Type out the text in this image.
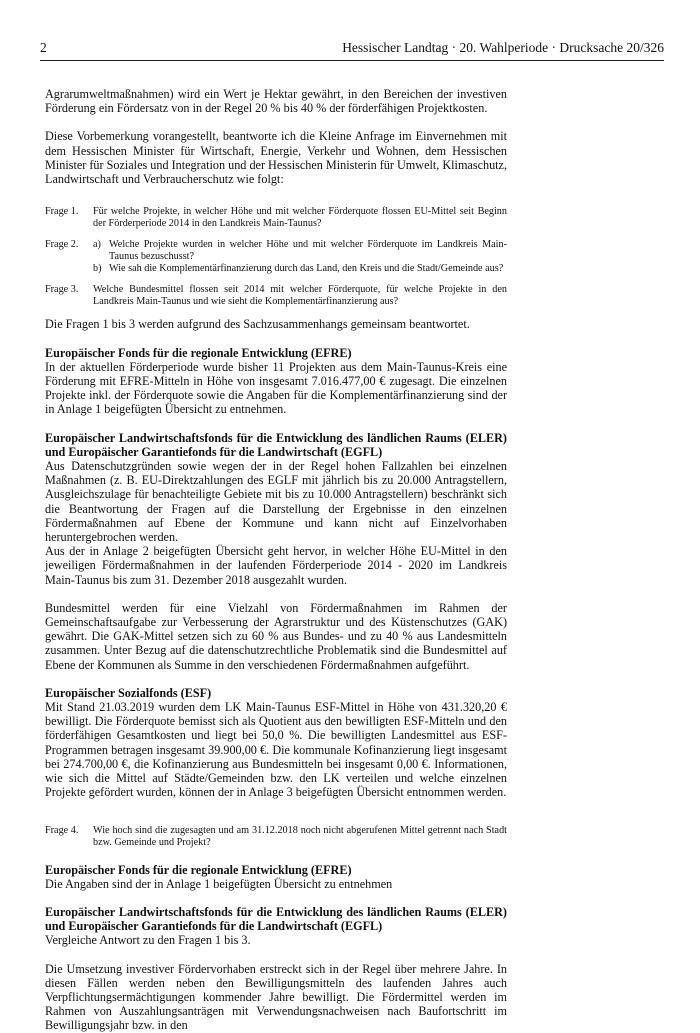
2	Hessischer Landtag · 20. Wahlperiode · Drucksache 20/326

Agrarumweltmaßnahmen) wird ein Wert je Hektar gewährt, in den Bereichen der investiven Förderung ein Fördersatz von in der Regel 20 % bis 40 % der förderfähigen Projektkosten.

Diese Vorbemerkung vorangestellt, beantworte ich die Kleine Anfrage im Einvernehmen mit dem Hessischen Minister für Wirtschaft, Energie, Verkehr und Wohnen, dem Hessischen Minister für Soziales und Integration und der Hessischen Ministerin für Umwelt, Klimaschutz, Landwirtschaft und Verbraucherschutz wie folgt:

Frage 1.	Für welche Projekte, in welcher Höhe und mit welcher Förderquote flossen EU-Mittel seit Beginn der Förderperiode 2014 in den Landkreis Main-Taunus?
Frage 2.	a) Welche Projekte wurden in welcher Höhe und mit welcher Förderquote im Landkreis Main-Taunus bezuschusst?
b) Wie sah die Komplementärfinanzierung durch das Land, den Kreis und die Stadt/Gemeinde aus?
Frage 3.	Welche Bundesmittel flossen seit 2014 mit welcher Förderquote, für welche Projekte in den Landkreis Main-Taunus und wie sieht die Komplementärfinanzierung aus?

Die Fragen 1 bis 3 werden aufgrund des Sachzusammenhangs gemeinsam beantwortet.

Europäischer Fonds für die regionale Entwicklung (EFRE)

In der aktuellen Förderperiode wurde bisher 11 Projekten aus dem Main-Taunus-Kreis eine Förderung mit EFRE-Mitteln in Höhe von insgesamt 7.016.477,00 € zugesagt. Die einzelnen Projekte inkl. der Förderquote sowie die Angaben für die Komplementärfinanzierung sind der in Anlage 1 beigefügten Übersicht zu entnehmen.

Europäischer Landwirtschaftsfonds für die Entwicklung des ländlichen Raums (ELER) und Europäischer Garantiefonds für die Landwirtschaft (EGFL)

Aus Datenschutzgründen sowie wegen der in der Regel hohen Fallzahlen bei einzelnen Maßnahmen (z. B. EU-Direktzahlungen des EGLF mit jährlich bis zu 20.000 Antragstellern, Ausgleichszulage für benachteiligte Gebiete mit bis zu 10.000 Antragstellern) beschränkt sich die Beantwortung der Fragen auf die Darstellung der Ergebnisse in den einzelnen Fördermaßnahmen auf Ebene der Kommune und kann nicht auf Einzelvorhaben heruntergebrochen werden.

Aus der in Anlage 2 beigefügten Übersicht geht hervor, in welcher Höhe EU-Mittel in den jeweiligen Fördermaßnahmen in der laufenden Förderperiode 2014 - 2020 im Landkreis Main-Taunus bis zum 31. Dezember 2018 ausgezahlt wurden.

Bundesmittel werden für eine Vielzahl von Fördermaßnahmen im Rahmen der Gemeinschaftsaufgabe zur Verbesserung der Agrarstruktur und des Küstenschutzes (GAK) gewährt. Die GAK-Mittel setzen sich zu 60 % aus Bundes- und zu 40 % aus Landesmitteln zusammen. Unter Bezug auf die datenschutzrechtliche Problematik sind die Bundesmittel auf Ebene der Kommunen als Summe in den verschiedenen Fördermaßnahmen aufgeführt.

Europäischer Sozialfonds (ESF)

Mit Stand 21.03.2019 wurden dem LK Main-Taunus ESF-Mittel in Höhe von 431.320,20 € bewilligt. Die Förderquote bemisst sich als Quotient aus den bewilligten ESF-Mitteln und den förderfähigen Gesamtkosten und liegt bei 50,0 %. Die bewilligten Landesmittel aus ESF-Programmen betragen insgesamt 39.900,00 €. Die kommunale Kofinanzierung liegt insgesamt bei 274.700,00 €, die Kofinanzierung aus Bundesmitteln bei insgesamt 0,00 €. Informationen, wie sich die Mittel auf Städte/Gemeinden bzw. den LK verteilen und welche einzelnen Projekte gefördert wurden, können der in Anlage 3 beigefügten Übersicht entnommen werden.

Frage 4.	Wie hoch sind die zugesagten und am 31.12.2018 noch nicht abgerufenen Mittel getrennt nach Stadt bzw. Gemeinde und Projekt?

Europäischer Fonds für die regionale Entwicklung (EFRE)

Die Angaben sind der in Anlage 1 beigefügten Übersicht zu entnehmen

Europäischer Landwirtschaftsfonds für die Entwicklung des ländlichen Raums (ELER) und Europäischer Garantiefonds für die Landwirtschaft (EGFL)

Vergleiche Antwort zu den Fragen 1 bis 3.

Die Umsetzung investiver Fördervorhaben erstreckt sich in der Regel über mehrere Jahre. In diesen Fällen werden neben den Bewilligungsmitteln des laufenden Jahres auch Verpflichtungsermächtigungen kommender Jahre bewilligt. Die Fördermittel werden im Rahmen von Auszahlungsanträgen mit Verwendungsnachweisen nach Baufortschritt im Bewilligungsjahr bzw. in den
